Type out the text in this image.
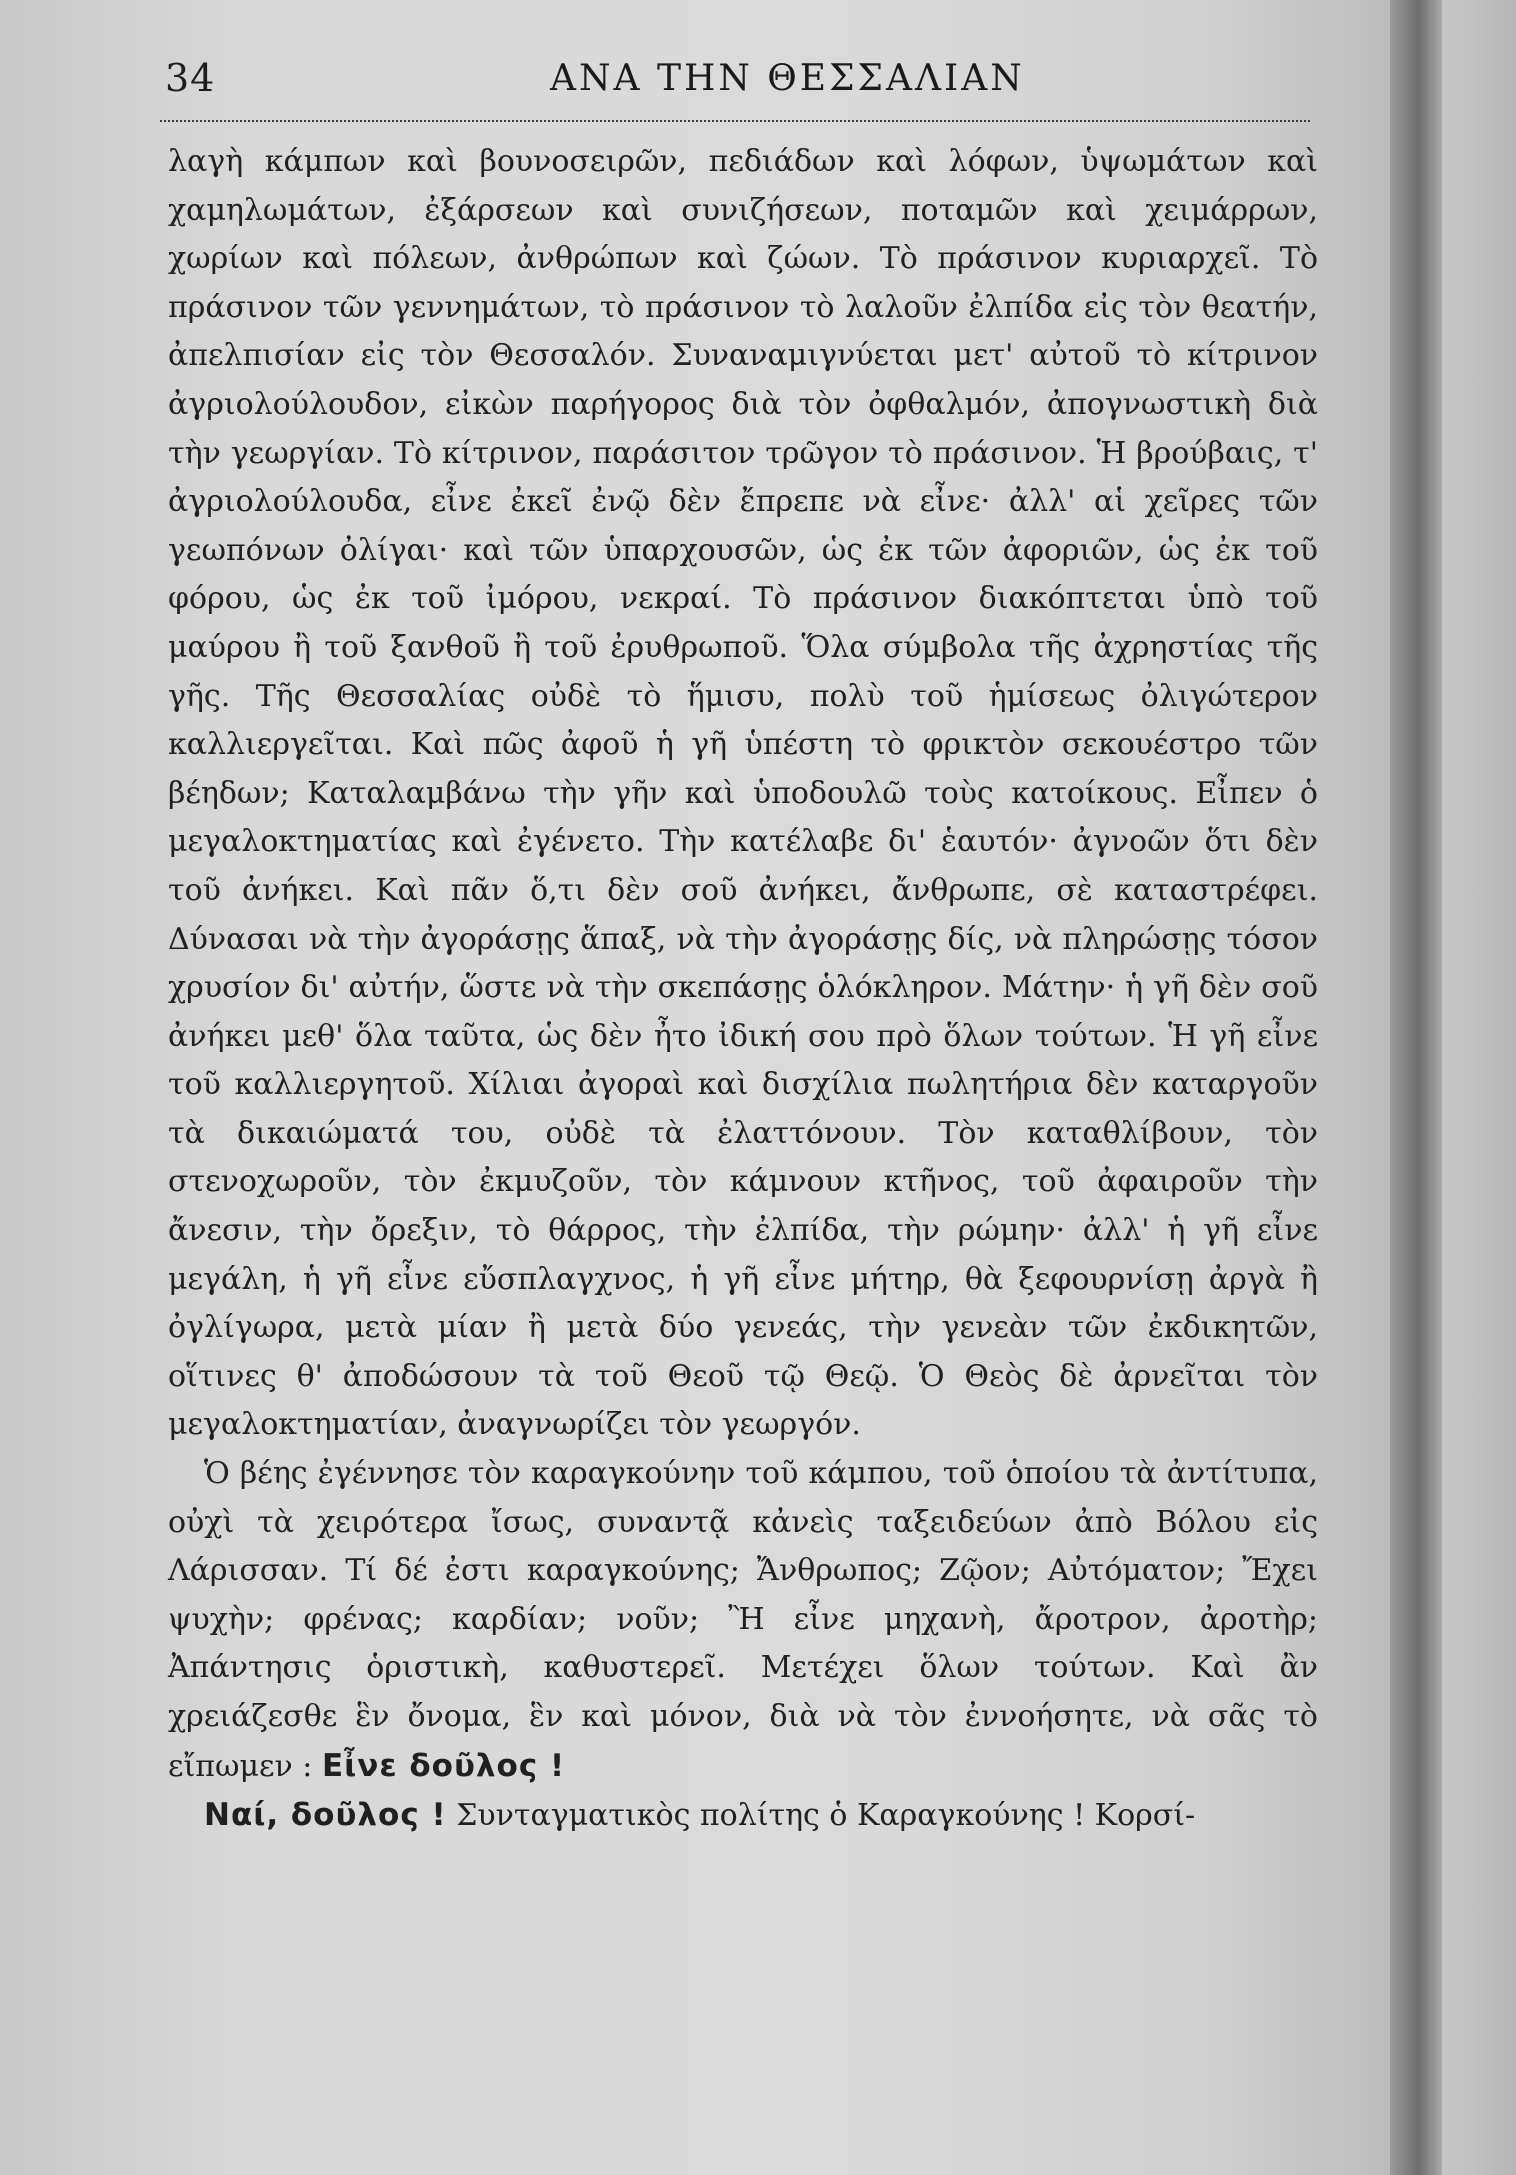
34	ΑΝΑ ΤΗΝ ΘΕΣΣΑΛΙΑΝ

λαγὴ κάμπων καὶ βουνοσειρῶν, πεδιάδων καὶ λόφων, ὑψωμάτων καὶ χαμηλωμάτων, ἐξάρσεων καὶ συνιζήσεων, ποταμῶν καὶ χειμάρρων, χωρίων καὶ πόλεων, ἀνθρώπων καὶ ζώων. Τὸ πράσινον κυριαρχεῖ. Τὸ πράσινον τῶν γεννημάτων, τὸ πράσινον τὸ λαλοῦν ἐλπίδα εἰς τὸν θεατήν, ἀπελπισίαν εἰς τὸν Θεσσαλόν. Συναναμιγνύεται μετ' αὐτοῦ τὸ κίτρινον ἀγριολούλουδον, εἰκὼν παρήγορος διὰ τὸν ὀφθαλμόν, ἀπογνωστικὴ διὰ τὴν γεωργίαν. Τὸ κίτρινον, παράσιτον τρῶγον τὸ πράσινον. Ἡ βρούβαις, τ' ἀγριολούλουδα, εἶνε ἐκεῖ ἐνῷ δὲν ἔπρεπε νὰ εἶνε· ἀλλ' αἱ χεῖρες τῶν γεωπόνων ὀλίγαι· καὶ τῶν ὑπαρχουσῶν, ὡς ἐκ τῶν ἀφοριῶν, ὡς ἐκ τοῦ φόρου, ὡς ἐκ τοῦ ἰμόρου, νεκραί. Τὸ πράσινον διακόπτεται ὑπὸ τοῦ μαύρου ἢ τοῦ ξανθοῦ ἢ τοῦ ἐρυθρωποῦ. Ὅλα σύμβολα τῆς ἀχρηστίας τῆς γῆς. Τῆς Θεσσαλίας οὐδὲ τὸ ἥμισυ, πολὺ τοῦ ἡμίσεως ὀλιγώτερον καλλιεργεῖται. Καὶ πῶς ἀφοῦ ἡ γῆ ὑπέστη τὸ φρικτὸν σεκουέστρο τῶν βέηδων; Καταλαμβάνω τὴν γῆν καὶ ὑποδουλῶ τοὺς κατοίκους. Εἶπεν ὁ μεγαλοκτηματίας καὶ ἐγένετο. Τὴν κατέλαβε δι' ἑαυτόν· ἀγνοῶν ὅτι δὲν τοῦ ἀνήκει. Καὶ πᾶν ὅ,τι δὲν σοῦ ἀνήκει, ἄνθρωπε, σὲ καταστρέφει. Δύνασαι νὰ τὴν ἀγοράσῃς ἅπαξ, νὰ τὴν ἀγοράσῃς δίς, νὰ πληρώσῃς τόσον χρυσίον δι' αὐτήν, ὥστε νὰ τὴν σκεπάσῃς ὁλόκληρον. Μάτην· ἡ γῆ δὲν σοῦ ἀνήκει μεθ' ὅλα ταῦτα, ὡς δὲν ἦτο ἰδική σου πρὸ ὅλων τούτων. Ἡ γῆ εἶνε τοῦ καλλιεργητοῦ. Χίλιαι ἀγοραὶ καὶ δισχίλια πωλητήρια δὲν καταργοῦν τὰ δικαιώματά του, οὐδὲ τὰ ἐλαττόνουν. Τὸν καταθλίβουν, τὸν στενοχωροῦν, τὸν ἐκμυζοῦν, τὸν κάμνουν κτῆνος, τοῦ ἀφαιροῦν τὴν ἄνεσιν, τὴν ὄρεξιν, τὸ θάρρος, τὴν ἐλπίδα, τὴν ρώμην· ἀλλ' ἡ γῆ εἶνε μεγάλη, ἡ γῆ εἶνε εὔσπλαγχνος, ἡ γῆ εἶνε μήτηρ, θὰ ξεφουρνίσῃ ἀργὰ ἢ ὀγλίγωρα, μετὰ μίαν ἢ μετὰ δύο γενεάς, τὴν γενεὰν τῶν ἐκδικητῶν, οἵτινες θ' ἀποδώσουν τὰ τοῦ Θεοῦ τῷ Θεῷ. Ὁ Θεὸς δὲ ἀρνεῖται τὸν μεγαλοκτηματίαν, ἀναγνωρίζει τὸν γεωργόν.

Ὁ βέης ἐγέννησε τὸν καραγκούνην τοῦ κάμπου, τοῦ ὁποίου τὰ ἀντίτυπα, οὐχὶ τὰ χειρότερα ἴσως, συναντᾷ κἀνεὶς ταξειδεύων ἀπὸ Βόλου εἰς Λάρισσαν. Τί δέ ἐστι καραγκούνης; Ἄνθρωπος; Ζῷον; Αὐτόματον; Ἔχει ψυχὴν; φρένας; καρδίαν; νοῦν; Ἢ εἶνε μηχανὴ, ἄροτρον, ἀροτὴρ; Ἀπάντησις ὁριστικὴ, καθυστερεῖ. Μετέχει ὅλων τούτων. Καὶ ἂν χρειάζεσθε ἓν ὄνομα, ἓν καὶ μόνον, διὰ νὰ τὸν ἐννοήσητε, νὰ σᾶς τὸ εἴπωμεν : Εἶνε δοῦλος !

Ναί, δοῦλος ! Συνταγματικὸς πολίτης ὁ Καραγκούνης ! Κορσί-
